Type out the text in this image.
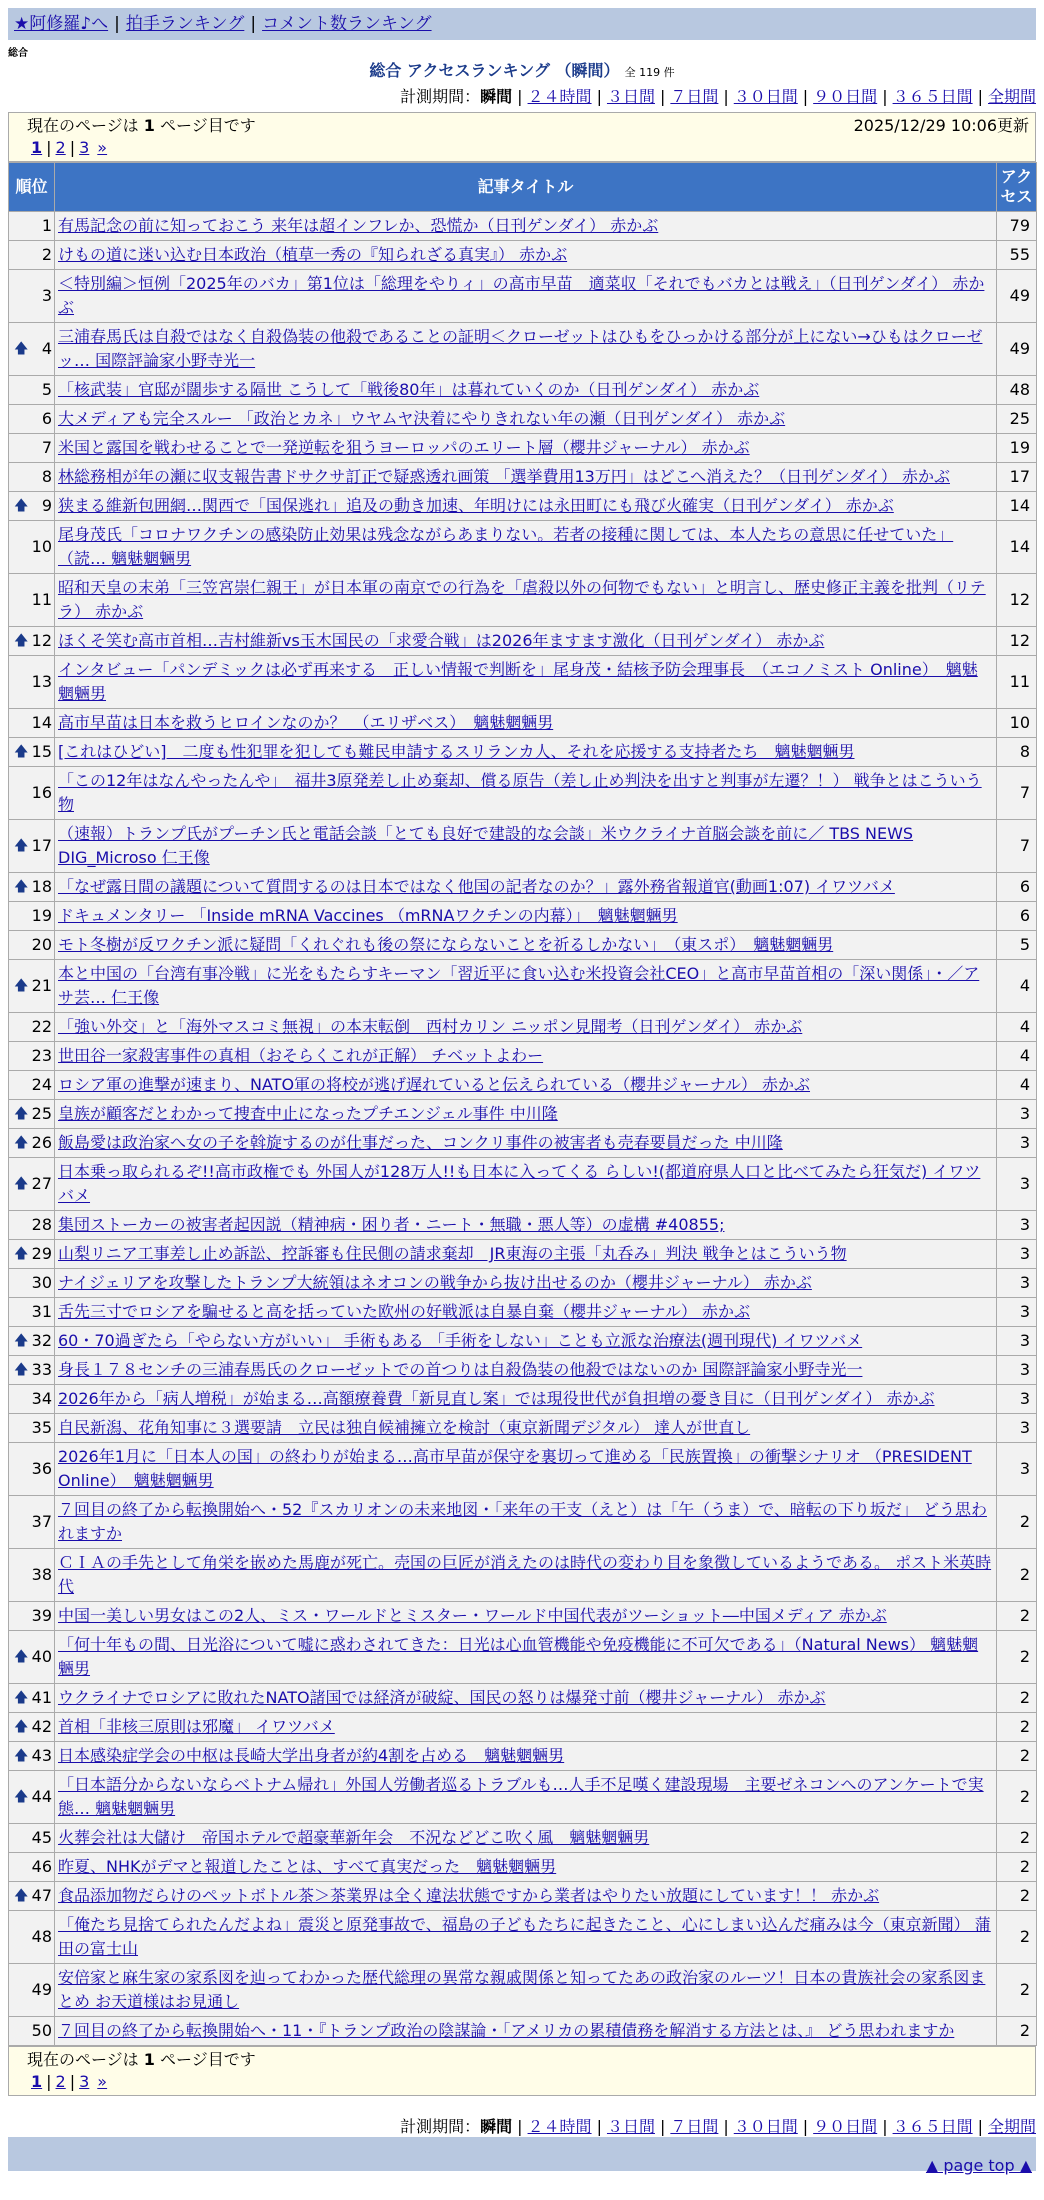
★阿修羅♪へ | 拍手ランキング | コメント数ランキング
総合
総合 アクセスランキング （瞬間） 全 119 件
計測期間：瞬間 | ２４時間 | ３日間 | ７日間 | ３０日間 | ９０日間 | ３６５日間 | 全期間
現在のページは 1 ページ目です	2025/12/29 10:06更新
1 | 2 | 3 »
順位	記事タイトル	アクセス
1	有馬記念の前に知っておこう 来年は超インフレか、恐慌か（日刊ゲンダイ） 赤かぶ	79
2	けもの道に迷い込む日本政治（植草一秀の『知られざる真実』） 赤かぶ	55
3	＜特別編＞恒例「2025年のバカ」第1位は「総理をやりィ」の高市早苗　適菜収「それでもバカとは戦え」（日刊ゲンダイ） 赤かぶ	49

🡅 4	三浦春馬氏は自殺ではなく自殺偽装の他殺であることの証明＜クローゼットはひもをひっかける部分が上にない→ひもはクローゼッ… 国際評論家小野寺光一	49
5	「核武装」官邸が闊歩する隔世 こうして「戦後80年」は暮れていくのか（日刊ゲンダイ） 赤かぶ	48
6	大メディアも完全スルー 「政治とカネ」ウヤムヤ決着にやりきれない年の瀬（日刊ゲンダイ） 赤かぶ	25
7	米国と露国を戦わせることで一発逆転を狙うヨーロッパのエリート層（櫻井ジャーナル） 赤かぶ	19
8	林総務相が年の瀬に収支報告書ドサクサ訂正で疑惑透れ画策 「選挙費用13万円」はどこへ消えた？（日刊ゲンダイ） 赤かぶ	17

🡅 9	狭まる維新包囲網…関西で「国保逃れ」追及の動き加速、年明けには永田町にも飛び火確実（日刊ゲンダイ） 赤かぶ	14
10	尾身茂氏「コロナワクチンの感染防止効果は残念ながらあまりない。若者の接種に関しては、本人たちの意思に任せていた」（読… 魑魅魍魎男	14
11	昭和天皇の末弟「三笠宮崇仁親王」が日本軍の南京での行為を「虐殺以外の何物でもない」と明言し、歴史修正主義を批判（リテラ） 赤かぶ	12

🡅 12	ほくそ笑む高市首相…吉村維新vs玉木国民の「求愛合戦」は2026年ますます激化（日刊ゲンダイ） 赤かぶ	12
13	インタビュー「パンデミックは必ず再来する　正しい情報で判断を」尾身茂・結核予防会理事長　（エコノミスト Online）　魑魅魍魎男	11
14	高市早苗は日本を救うヒロインなのか？　（エリザベス）　魑魅魍魎男	10

🡅 15	[これはひどい]　二度も性犯罪を犯しても難民申請するスリランカ人、それを応援する支持者たち　魑魅魍魎男	8
16	「この12年はなんやったんや」　福井3原発差し止め棄却、償る原告（差し止め判決を出すと判事が左遷？！） 戦争とはこういう物	7

🡅 17	（速報）トランプ氏がプーチン氏と電話会談「とても良好で建設的な会談」米ウクライナ首脳会談を前に／ TBS NEWS DIG_Microso 仁王像	7

🡅 18	「なぜ露日間の議題について質問するのは日本ではなく他国の記者なのか？」露外務省報道官(動画1:07) イワツバメ	6
19	ドキュメンタリー 「Inside mRNA Vaccines （mRNAワクチンの内幕）」　魑魅魍魎男	6
20	モト冬樹が反ワクチン派に疑問「くれぐれも後の祭にならないことを祈るしかない」　（東スポ）　魑魅魍魎男	5

🡅 21	本と中国の「台湾有事冷戦」に光をもたらすキーマン「習近平に食い込む米投資会社CEO」と高市早苗首相の「深い関係」・／アサ芸… 仁王像	4
22	「強い外交」と「海外マスコミ無視」の本末転倒　西村カリン ニッポン見聞考（日刊ゲンダイ） 赤かぶ	4
23	世田谷一家殺害事件の真相（おそらくこれが正解） チベットよわー	4
24	ロシア軍の進撃が速まり、NATO軍の将校が逃げ遅れていると伝えられている（櫻井ジャーナル） 赤かぶ	4

🡅 25	皇族が顧客だとわかって捜査中止になったプチエンジェル事件 中川隆	3

🡅 26	飯島愛は政治家へ女の子を斡旋するのが仕事だった、コンクリ事件の被害者も売春要員だった 中川隆	3

🡅 27	日本乗っ取られるぞ!!高市政権でも 外国人が128万人!!も日本に入ってくる らしい!(都道府県人口と比べてみたら狂気だ) イワツバメ	3
28	集団ストーカーの被害者起因説（精神病・困り者・ニート・無職・悪人等）の虚構 #40855;	3

🡅 29	山梨リニア工事差し止め訴訟、控訴審も住民側の請求棄却　JR東海の主張「丸呑み」判決 戦争とはこういう物	3
30	ナイジェリアを攻撃したトランプ大統領はネオコンの戦争から抜け出せるのか（櫻井ジャーナル） 赤かぶ	3
31	舌先三寸でロシアを騙せると高を括っていた欧州の好戦派は自暴自棄（櫻井ジャーナル） 赤かぶ	3

🡅 32	60・70過ぎたら「やらない方がいい」 手術もある 「手術をしない」ことも立派な治療法(週刊現代) イワツバメ	3

🡅 33	身長１７８センチの三浦春馬氏のクローゼットでの首つりは自殺偽装の他殺ではないのか 国際評論家小野寺光一	3
34	2026年から「病人増税」が始まる…高額療養費「新見直し案」では現役世代が負担増の憂き目に（日刊ゲンダイ） 赤かぶ	3
35	自民新潟、花角知事に３選要請　立民は独自候補擁立を検討（東京新聞デジタル） 達人が世直し	3
36	2026年1月に「日本人の国」の終わりが始まる…高市早苗が保守を裏切って進める「民族置換」の衝撃シナリオ （PRESIDENT Online）　魑魅魍魎男	3
37	７回目の終了から転換開始へ・52『スカリオンの未来地図・「来年の干支（えと）は「午（うま）で、暗転の下り坂だ」 どう思われますか	2
38	ＣＩＡの手先として角栄を嵌めた馬鹿が死亡。売国の巨匠が消えたのは時代の変わり目を象徴しているようである。 ポスト米英時代	2
39	中国一美しい男女はこの2人、ミス・ワールドとミスター・ワールド中国代表がツーショット―中国メディア 赤かぶ	2

🡅 40	「何十年もの間、日光浴について嘘に惑わされてきた：日光は心血管機能や免疫機能に不可欠である」（Natural News） 魑魅魍魎男	2

🡅 41	ウクライナでロシアに敗れたNATO諸国では経済が破綻、国民の怒りは爆発寸前（櫻井ジャーナル） 赤かぶ	2

🡅 42	首相「非核三原則は邪魔」 イワツバメ	2

🡅 43	日本感染症学会の中枢は長崎大学出身者が約4割を占める　魑魅魍魎男	2

🡅 44	「日本語分からないならベトナム帰れ」外国人労働者巡るトラブルも…人手不足嘆く建設現場　主要ゼネコンへのアンケートで実態… 魑魅魍魎男	2
45	火葬会社は大儲け　帝国ホテルで超豪華新年会　不況などどこ吹く風　魑魅魍魎男	2
46	昨夏、NHKがデマと報道したことは、すべて真実だった　魑魅魍魎男	2

🡅 47	食品添加物だらけのペットボトル茶＞茶業界は全く違法状態ですから業者はやりたい放題にしています！！ 赤かぶ	2
48	「俺たち見捨てられたんだよね」震災と原発事故で、福島の子どもたちに起きたこと、心にしまい込んだ痛みは今（東京新聞） 蒲田の富士山	2
49	安倍家と麻生家の家系図を辿ってわかった歴代総理の異常な親戚関係と知ってたあの政治家のルーツ！日本の貴族社会の家系図まとめ お天道様はお見通し	2
50	７回目の終了から転換開始へ・11・『トランプ政治の陰謀論・「アメリカの累積債務を解消する方法とは、』 どう思われますか	2
現在のページは 1 ページ目です
1 | 2 | 3 »
計測期間：瞬間 | ２４時間 | ３日間 | ７日間 | ３０日間 | ９０日間 | ３６５日間 | 全期間
▲ page top ▲
